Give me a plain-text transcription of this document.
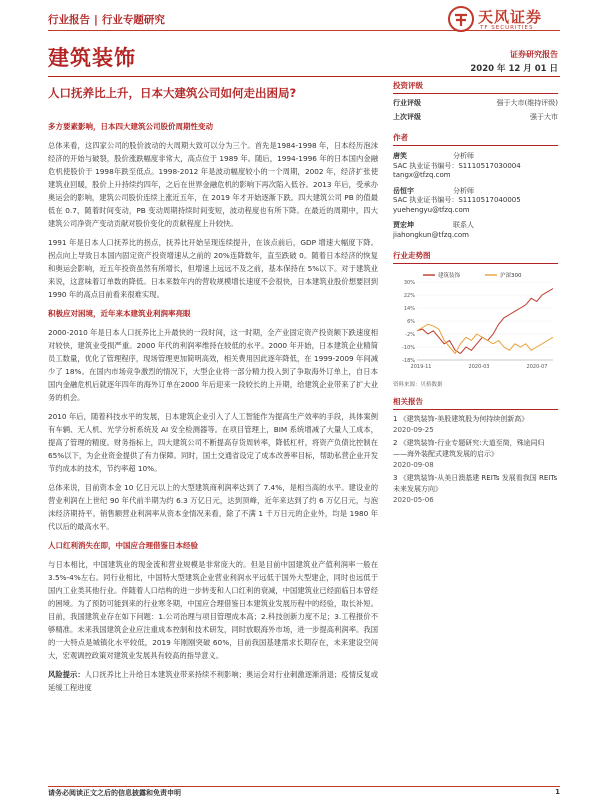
行业报告 | 行业专题研究	天风证券
TF SECURITIES
建筑装饰	证券研究报告
2020 年 12 月 01 日
人口抚养比上升，日本大建筑公司如何走出困局?

多方要素影响，日本四大建筑公司股价周期性变动

总体来看，这四家公司的股价波动的大周期大致可以分为三个。首先是1984-1998 年，日本经历泡沫经济的开始与破裂，股价涨跌幅度非常大，高点位于 1989 年。随后，1994-1996 年的日本国内金融危机使股价于 1998年跌至低点。1998-2012 年是波动幅度较小的一个周期，2002 年，经济扩张使建筑业回暖，股价上升持续约四年，之后在世界金融危机的影响下再次陷入低谷。2013 年后，受承办奥运会的影响，建筑公司股价连续上涨近五年，在 2019 年才开始逐渐下跌。四大建筑公司 PB 的值最低在 0.7，随着时间变动，PB 变动周期持续时间变短，波动程度也有所下降。在最近的周期中，四大建筑公司净资产变动贡献对股价变化的贡献程度上升较快。

1991 年是日本人口抚养比的拐点，抚养比开始呈现连续提升，在该点前后，GDP 增速大幅度下降。拐点向上导致日本国内固定资产投资增速从之前的 20%连降数年，直至跌破 0。随着日本经济的恢复和奥运会影响，近五年投资虽然有所增长，但增速上远远不及之前，基本保持在 5%以下。对于建筑业来说，这意味着订单数的降低。日本来数年内的营收规模增长速度不会很快，日本建筑业股价想要回到 1990 年的高点目前看来很难实现。

积极应对困境，近年来本建筑业利润率亮眼

2000-2010 年是日本人口抚养比上升最快的一段时间，这一时期，全产业固定资产投资额下跌速度相对较快，建筑业受损严重。2000 年代的利润率维持在较低的水平。2000 年开始，日本建筑企业精简员工数量，优化了管理程序，现场管理更加简明高效，相关费用因此逐年降低，在 1999-2009 年间减少了 18%。在国内市场竞争激烈的情况下，大型企业将一部分精力投入到了争取海外订单上，自日本国内金融危机后就逐年四年的海外订单在2000 年后迎来一段较长的上升期，给建筑企业带来了扩大业务的机会。

2010 年后，随着科技水平的发展，日本建筑企业引入了人工智能作为提高生产效率的手段，具体案例有车辆、无人机、光学分析系统及 AI 安全检测器等。在项目管理上，BIM 系统增减了大量人工成本，提高了管理的精度。财务指标上，四大建筑公司不断提高存货周转率，降低杠杆，将资产负债比控制在 65%以下，为企业资金提供了有力保障。同时，国土交通省设定了成本改善率目标，帮助私营企业开发节约成本的技术，节约率超 10%。

总体来说，目前资本金 10 亿日元以上的大型建筑商利润率达到了 7.4%，是相当高的水平。建设业的营业利润在上世纪 90 年代前半期为约 6.3 万亿日元，达到顶峰，近年来达到了约 6 万亿日元，与泡沫经济期持平。销售额营业利润率从资本金情况来看，除了不满 1 千万日元的企业外，均是 1980 年代以后的最高水平。

人口红利消失在即，中国应合理借鉴日本经验

与日本相比，中国建筑业的现金流和营业规模是非常庞大的。但是目前中国建筑业产值利润率一般在 3.5%-4%左右。同行业相比，中国特大型建筑企业营业利润水平远低于国外大型建企，同时也远低于国内工业类其他行业。伴随着人口结构的进一步转变和人口红利的衰减，中国建筑业已经面临日本曾经的困境。为了预防可能到来的行业寒冬期，中国应合理借鉴日本建筑业发展历程中的经验，取长补短。目前，我国建筑业存在如下问题：1.公司治理与项目管理成本高；2.科技创新力度不足；3.工程报价不够精准。未来我国建筑企业应注重成本控制和技术研发，同时放眼海外市场，进一步提高利润率。我国的一大特点是城镇化水平较低，2019 年刚刚突破 60%，目前我国基建需求长期存在，未来建设空间大，宏观调控政策对建筑业发展具有较高的指导意义。

风险提示：人口抚养比上升给日本建筑业带来持续不利影响；奥运会对行业刺激逐渐消退；疫情反复或延缓工程进度

投资评级
行业评级	强于大市(维持评级)
上次评级	强于大市
作者
唐笑	分析师
SAC 执业证书编号：S1110517030004
tangx@tfzq.com
岳恒宇	分析师
SAC 执业证书编号：S1110517040005
yuehengyu@tfzq.com
贾宏坤	联系人
jiahongkun@tfzq.com
行业走势图
-18%
-10%
-2%
6%
14%
22%
30%
2019-11	2020-03	2020-07
建筑装饰	沪深300
资料来源：贝格数据
相关报告
1 《建筑装饰-美股建筑股为何持续创新高》
2020-09-25
2 《建筑装饰-行业专题研究:大道至简，殊途同归——海外装配式建筑发展的启示》
2020-09-08
3 《建筑装饰-从美日澳基建 REITs 发展看我国 REITs 未来发展方向》
2020-05-06
请务必阅读正文之后的信息披露和免责申明	1
